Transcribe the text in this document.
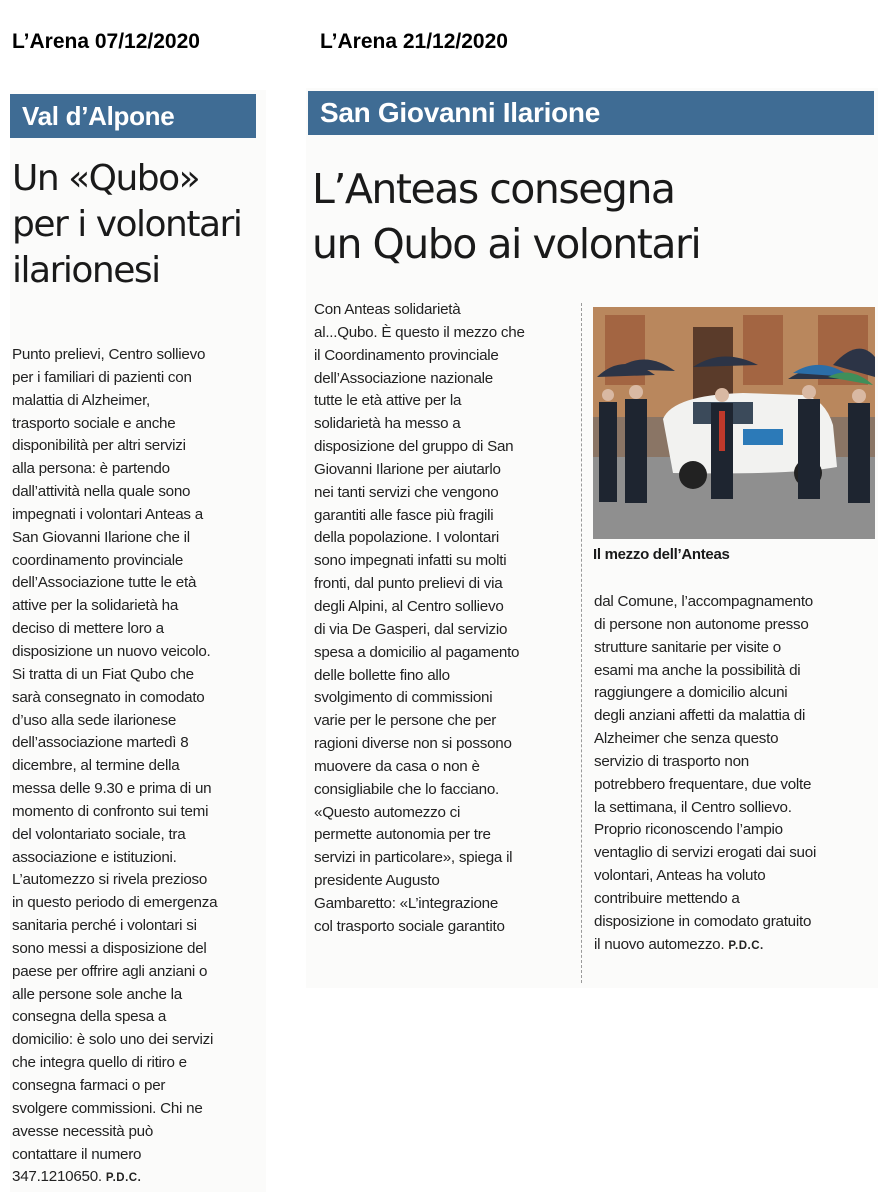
L’Arena 07/12/2020	L’Arena 21/12/2020
Val d’Alpone
Un «Qubo»
per i volontari
ilarionesi
Punto prelievi, Centro sollievo
per i familiari di pazienti con
malattia di Alzheimer,
trasporto sociale e anche
disponibilità per altri servizi
alla persona: è partendo
dall’attività nella quale sono
impegnati i volontari Anteas a
San Giovanni Ilarione che il
coordinamento provinciale
dell’Associazione tutte le età
attive per la solidarietà ha
deciso di mettere loro a
disposizione un nuovo veicolo.
Si tratta di un Fiat Qubo che
sarà consegnato in comodato
d’uso alla sede ilarionese
dell’associazione martedì 8
dicembre, al termine della
messa delle 9.30 e prima di un
momento di confronto sui temi
del volontariato sociale, tra
associazione e istituzioni.
L’automezzo si rivela prezioso
in questo periodo di emergenza
sanitaria perché i volontari si
sono messi a disposizione del
paese per offrire agli anziani o
alle persone sole anche la
consegna della spesa a
domicilio: è solo uno dei servizi
che integra quello di ritiro e
consegna farmaci o per
svolgere commissioni. Chi ne
avesse necessità può
contattare il numero
347.1210650. P.D.C.
San Giovanni Ilarione
L’Anteas consegna
un Qubo ai volontari
Con Anteas solidarietà
al...Qubo. È questo il mezzo che
il Coordinamento provinciale
dell’Associazione nazionale
tutte le età attive per la
solidarietà ha messo a
disposizione del gruppo di San
Giovanni Ilarione per aiutarlo
nei tanti servizi che vengono
garantiti alle fasce più fragili
della popolazione. I volontari
sono impegnati infatti su molti
fronti, dal punto prelievi di via
degli Alpini, al Centro sollievo
di via De Gasperi, dal servizio
spesa a domicilio al pagamento
delle bollette fino allo
svolgimento di commissioni
varie per le persone che per
ragioni diverse non si possono
muovere da casa o non è
consigliabile che lo facciano.
«Questo automezzo ci
permette autonomia per tre
servizi in particolare», spiega il
presidente Augusto
Gambaretto: «L’integrazione
col trasporto sociale garantito
Il mezzo dell’Anteas
dal Comune, l’accompagnamento
di persone non autonome presso
strutture sanitarie per visite o
esami ma anche la possibilità di
raggiungere a domicilio alcuni
degli anziani affetti da malattia di
Alzheimer che senza questo
servizio di trasporto non
potrebbero frequentare, due volte
la settimana, il Centro sollievo.
Proprio riconoscendo l’ampio
ventaglio di servizi erogati dai suoi
volontari, Anteas ha voluto
contribuire mettendo a
disposizione in comodato gratuito
il nuovo automezzo. P.D.C.
